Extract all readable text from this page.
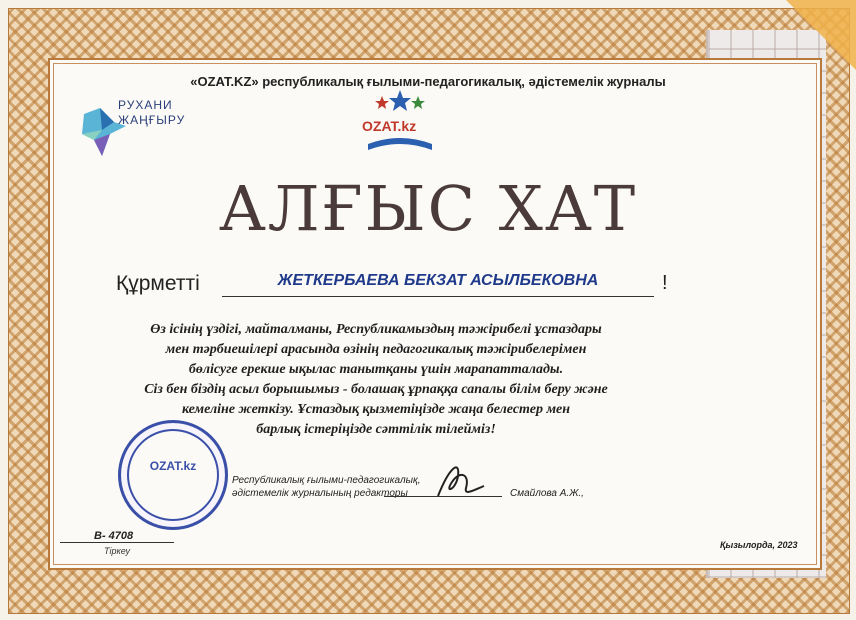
«OZAT.KZ» республикалық ғылыми-педагогикалық, әдістемелік журналы
РУХАНИ
ЖАҢҒЫРУ	OZAT.kz
АЛҒЫС ХАТ
Құрметті	ЖЕТКЕРБАЕВА БЕКЗАТ АСЫЛБЕКОВНА	!

Өз ісінің үздігі, майталманы, Республикамыздың тәжірибелі ұстаздары

мен тәрбиешілері арасында өзінің педагогикалық тәжірибелерімен

бөлісуге ерекше ықылас танытқаны үшін марапатталады.

Сіз бен біздің асыл борышымыз - болашақ ұрпаққа сапалы білім беру және

кемеліне жеткізу. Ұстаздық қызметіңізде жаңа белестер мен

барлық істеріңізде сәттілік тілейміз!

OZAT.kz
Республикалық ғылыми-педагогикалық,
әдістемелік журналының редакторы	Смайлова А.Ж.,
В- 4708
Тіркеу
Қызылорда, 2023
